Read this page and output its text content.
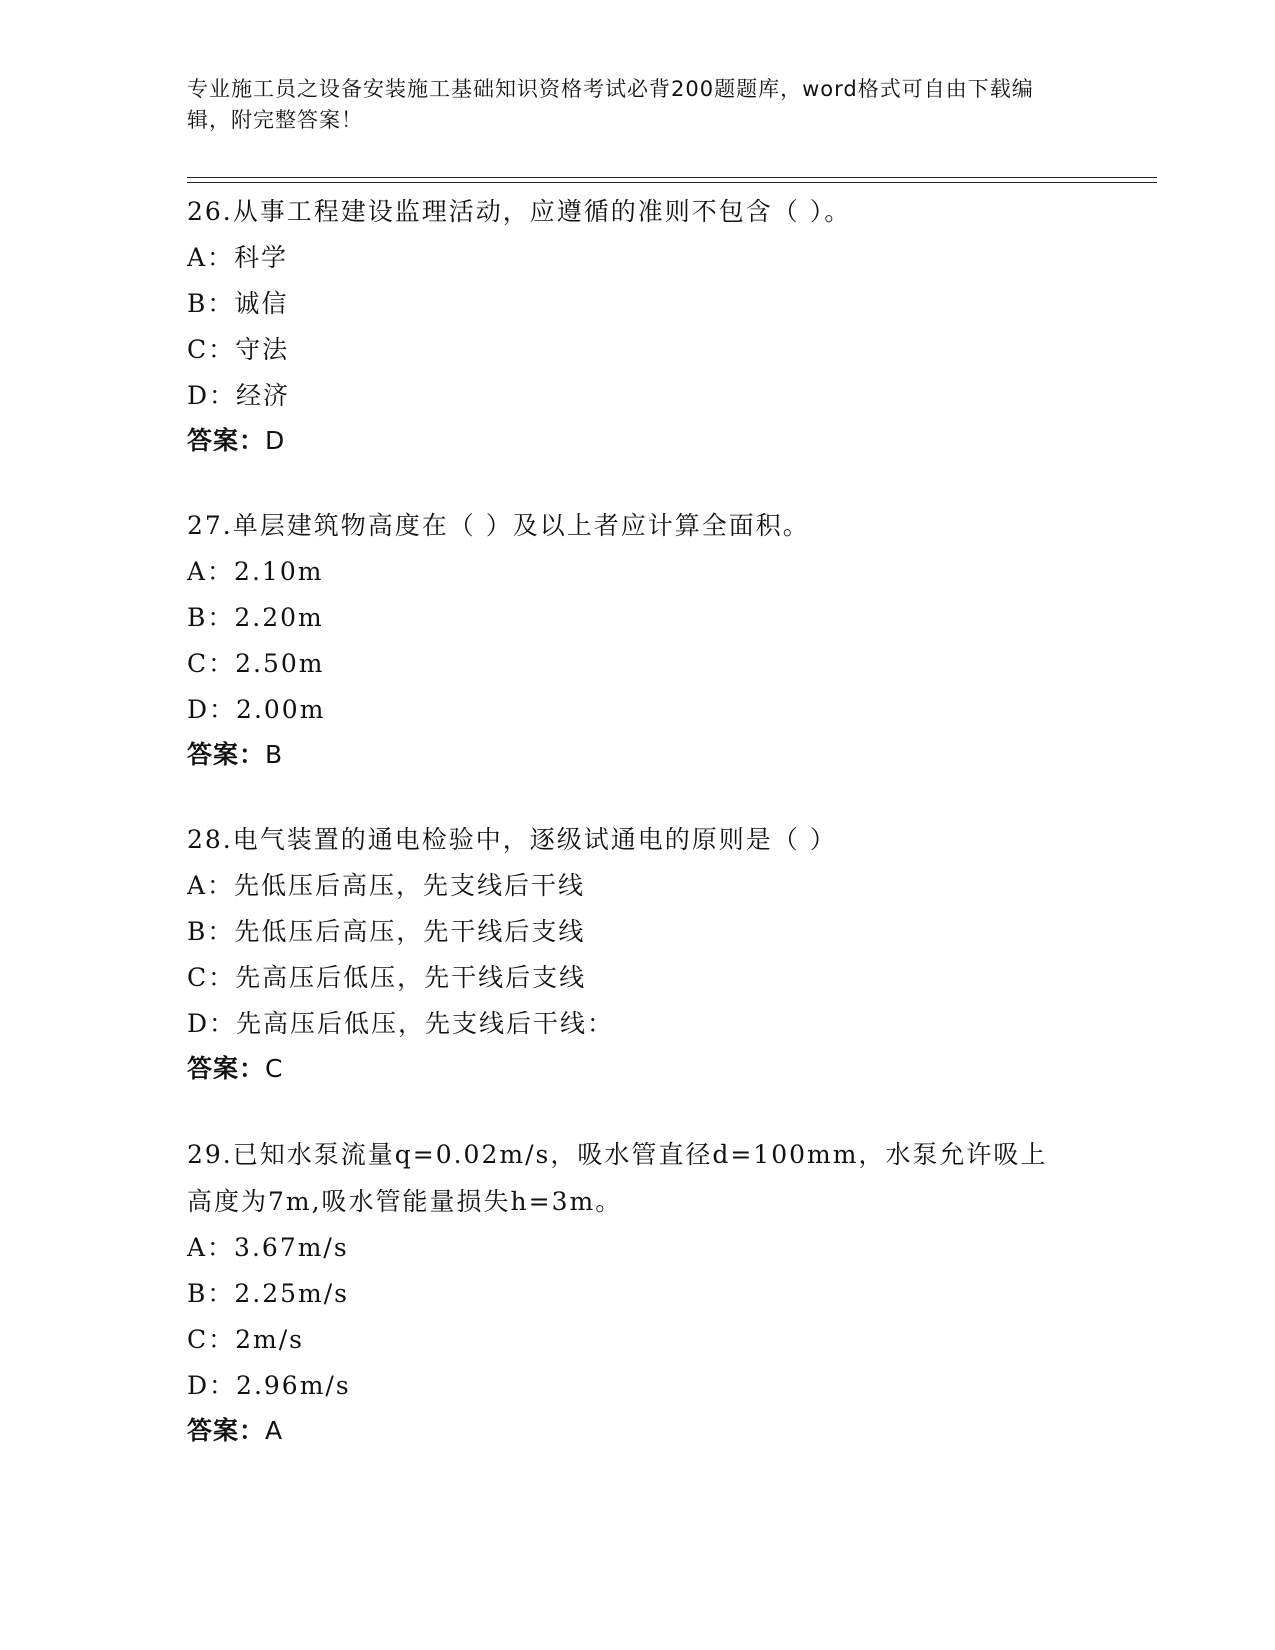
专业施工员之设备安装施工基础知识资格考试必背200题题库，word格式可自由下载编辑，附完整答案！
26.从事工程建设监理活动，应遵循的准则不包含（ ）。
A：科学
B：诚信
C：守法
D：经济
答案：D
27.单层建筑物高度在（ ）及以上者应计算全面积。
A：2.10m
B：2.20m
C：2.50m
D：2.00m
答案：B
28.电气装置的通电检验中，逐级试通电的原则是（ ）
A：先低压后高压，先支线后干线
B：先低压后高压，先干线后支线
C：先高压后低压，先干线后支线
D：先高压后低压，先支线后干线：
答案：C
29.已知水泵流量q=0.02m/s，吸水管直径d=100mm，水泵允许吸上高度为7m,吸水管能量损失h=3m。
A：3.67m/s
B：2.25m/s
C：2m/s
D：2.96m/s
答案：A
